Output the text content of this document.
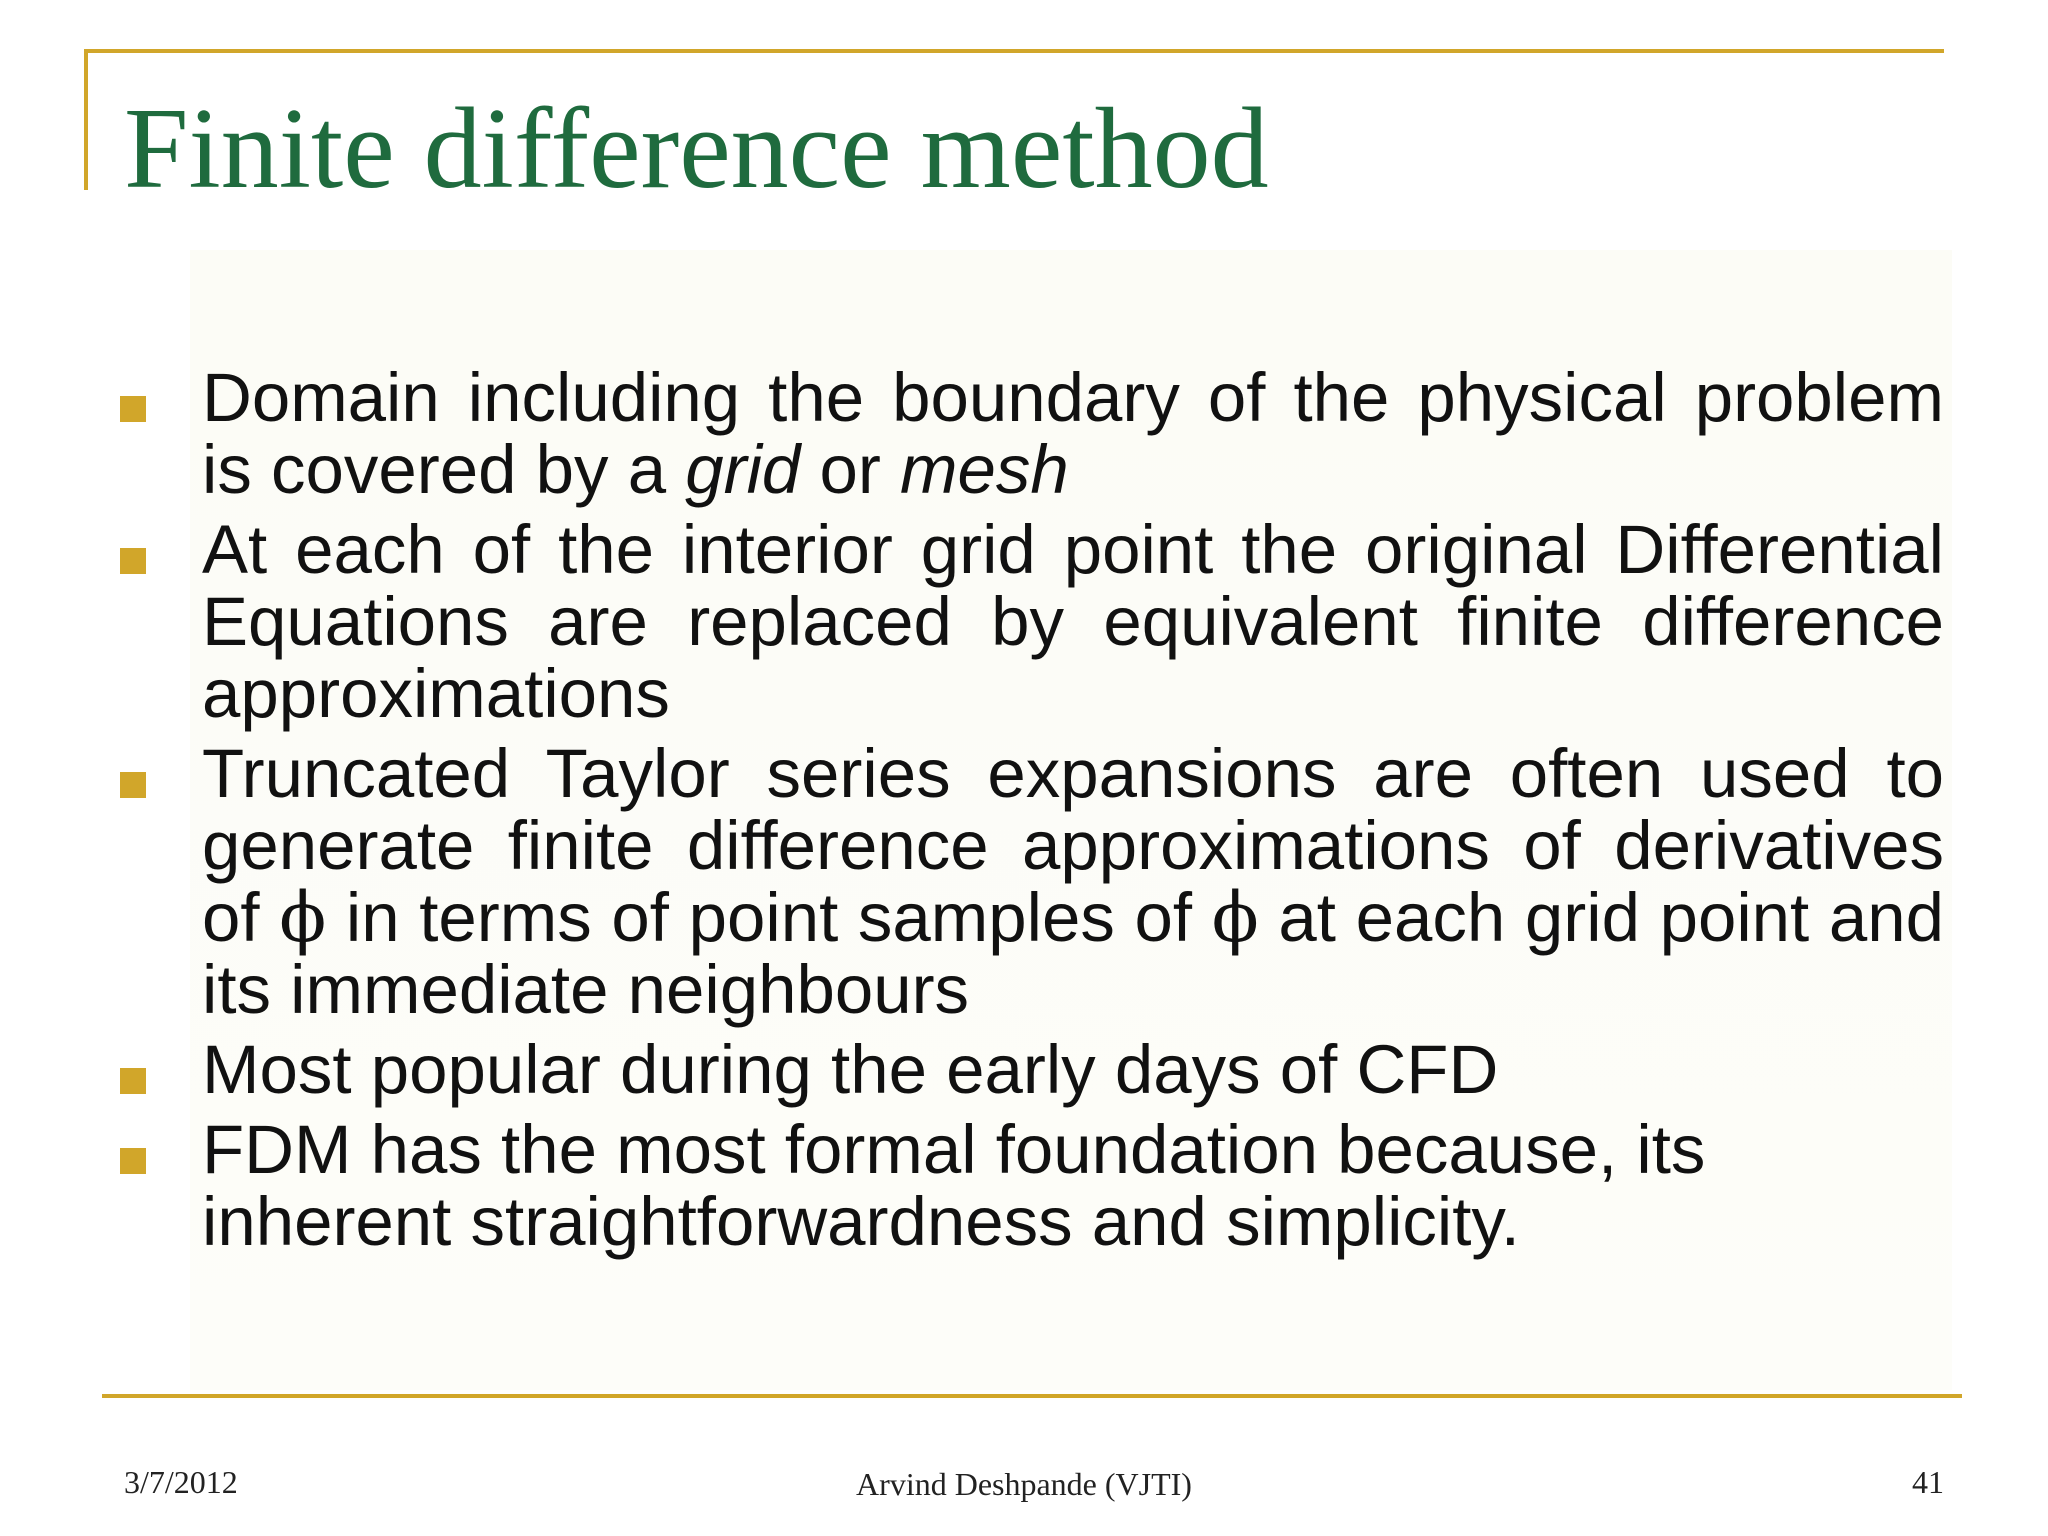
Finite difference method
Domain including the boundary of the physical problem is covered by a grid or mesh
At each of the interior grid point the original Differential Equations are replaced by equivalent finite difference approximations
Truncated Taylor series expansions are often used to generate finite difference approximations of derivatives of ϕ in terms of point samples of ϕ at each grid point and its immediate neighbours
Most popular during the early days of CFD
FDM has the most formal foundation because, its inherent straightforwardness and simplicity.
3/7/2012	Arvind Deshpande (VJTI)	41
